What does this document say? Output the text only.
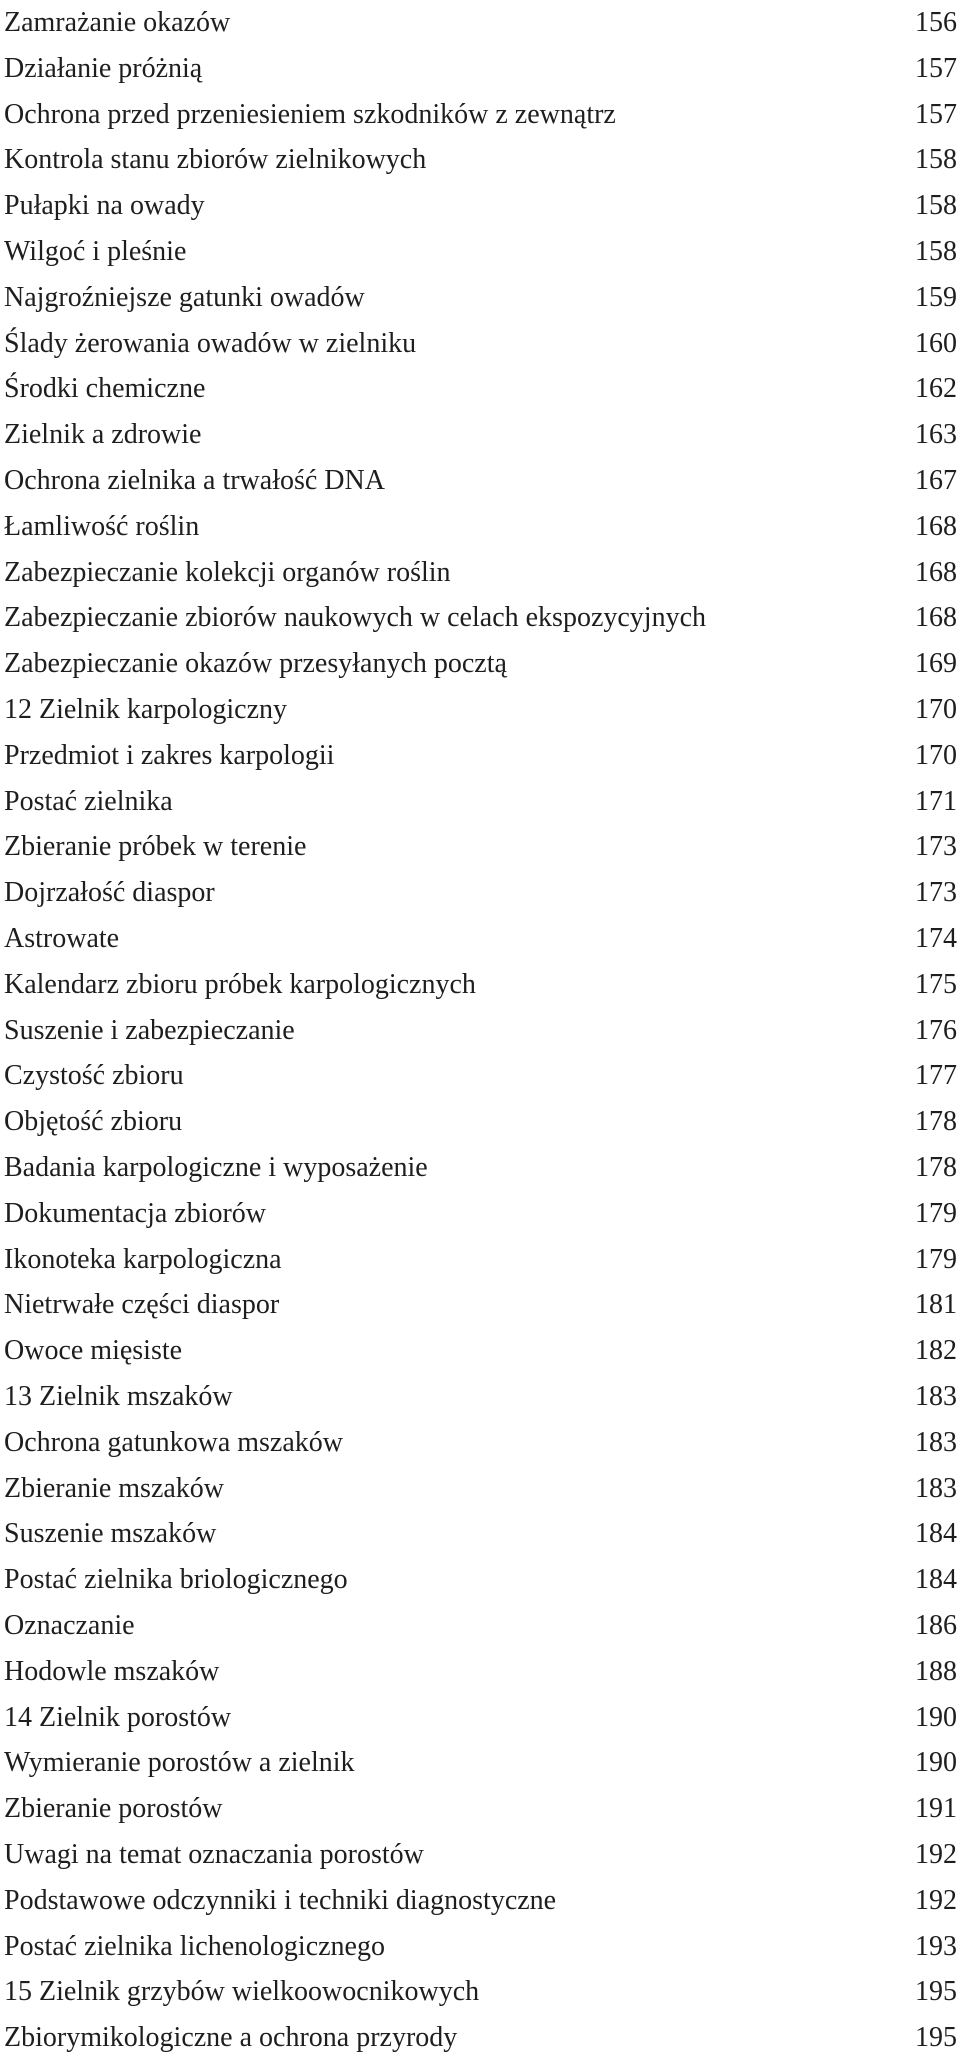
Zamrażanie okazów	156
Działanie próżnią	157
Ochrona przed przeniesieniem szkodników z zewnątrz	157
Kontrola stanu zbiorów zielnikowych	158
Pułapki na owady	158
Wilgoć i pleśnie	158
Najgroźniejsze gatunki owadów	159
Ślady żerowania owadów w zielniku	160
Środki chemiczne	162
Zielnik a zdrowie	163
Ochrona zielnika a trwałość DNA	167
Łamliwość roślin	168
Zabezpieczanie kolekcji organów roślin	168
Zabezpieczanie zbiorów naukowych w celach ekspozycyjnych	168
Zabezpieczanie okazów przesyłanych pocztą	169
12 Zielnik karpologiczny	170
Przedmiot i zakres karpologii	170
Postać zielnika	171
Zbieranie próbek w terenie	173
Dojrzałość diaspor	173
Astrowate	174
Kalendarz zbioru próbek karpologicznych	175
Suszenie i zabezpieczanie	176
Czystość zbioru	177
Objętość zbioru	178
Badania karpologiczne i wyposażenie	178
Dokumentacja zbiorów	179
Ikonoteka karpologiczna	179
Nietrwałe części diaspor	181
Owoce mięsiste	182
13 Zielnik mszaków	183
Ochrona gatunkowa mszaków	183
Zbieranie mszaków	183
Suszenie mszaków	184
Postać zielnika briologicznego	184
Oznaczanie	186
Hodowle mszaków	188
14 Zielnik porostów	190
Wymieranie porostów a zielnik	190
Zbieranie porostów	191
Uwagi na temat oznaczania porostów	192
Podstawowe odczynniki i techniki diagnostyczne	192
Postać zielnika lichenologicznego	193
15 Zielnik grzybów wielkoowocnikowych	195
Zbiorymikologiczne a ochrona przyrody	195
